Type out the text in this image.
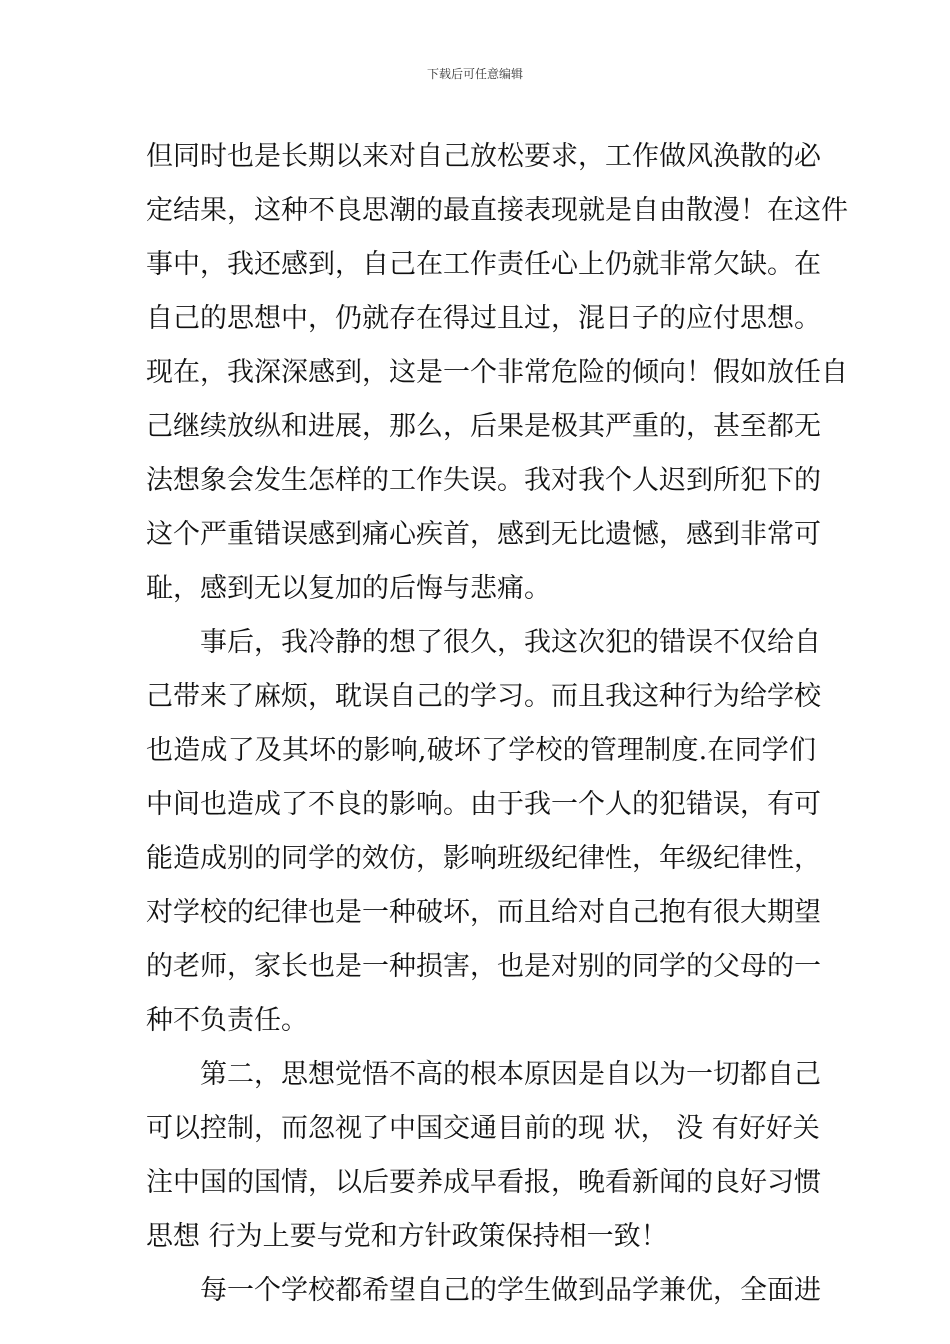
下载后可任意编辑
但同时也是长期以来对自己放松要求，工作做风涣散的必
定结果，这种不良思潮的最直接表现就是自由散漫！在这件
事中，我还感到，自己在工作责任心上仍就非常欠缺。在
自己的思想中，仍就存在得过且过，混日子的应付思想。
现在，我深深感到，这是一个非常危险的倾向！假如放任自
己继续放纵和进展，那么，后果是极其严重的，甚至都无
法想象会发生怎样的工作失误。我对我个人迟到所犯下的
这个严重错误感到痛心疾首，感到无比遗憾，感到非常可
耻，感到无以复加的后悔与悲痛。
事后，我冷静的想了很久，我这次犯的错误不仅给自
己带来了麻烦，耽误自己的学习。而且我这种行为给学校
也造成了及其坏的影响,破坏了学校的管理制度.在同学们
中间也造成了不良的影响。由于我一个人的犯错误，有可
能造成别的同学的效仿，影响班级纪律性，年级纪律性，
对学校的纪律也是一种破坏，而且给对自己抱有很大期望
的老师，家长也是一种损害，也是对别的同学的父母的一
种不负责任。
第二，思想觉悟不高的根本原因是自以为一切都自己
可以控制，而忽视了中国交通目前的现 状， 没 有好好关
注中国的国情，以后要养成早看报，晚看新闻的良好习惯
思想 行为上要与党和方针政策保持相一致！
每一个学校都希望自己的学生做到品学兼优，全面进
